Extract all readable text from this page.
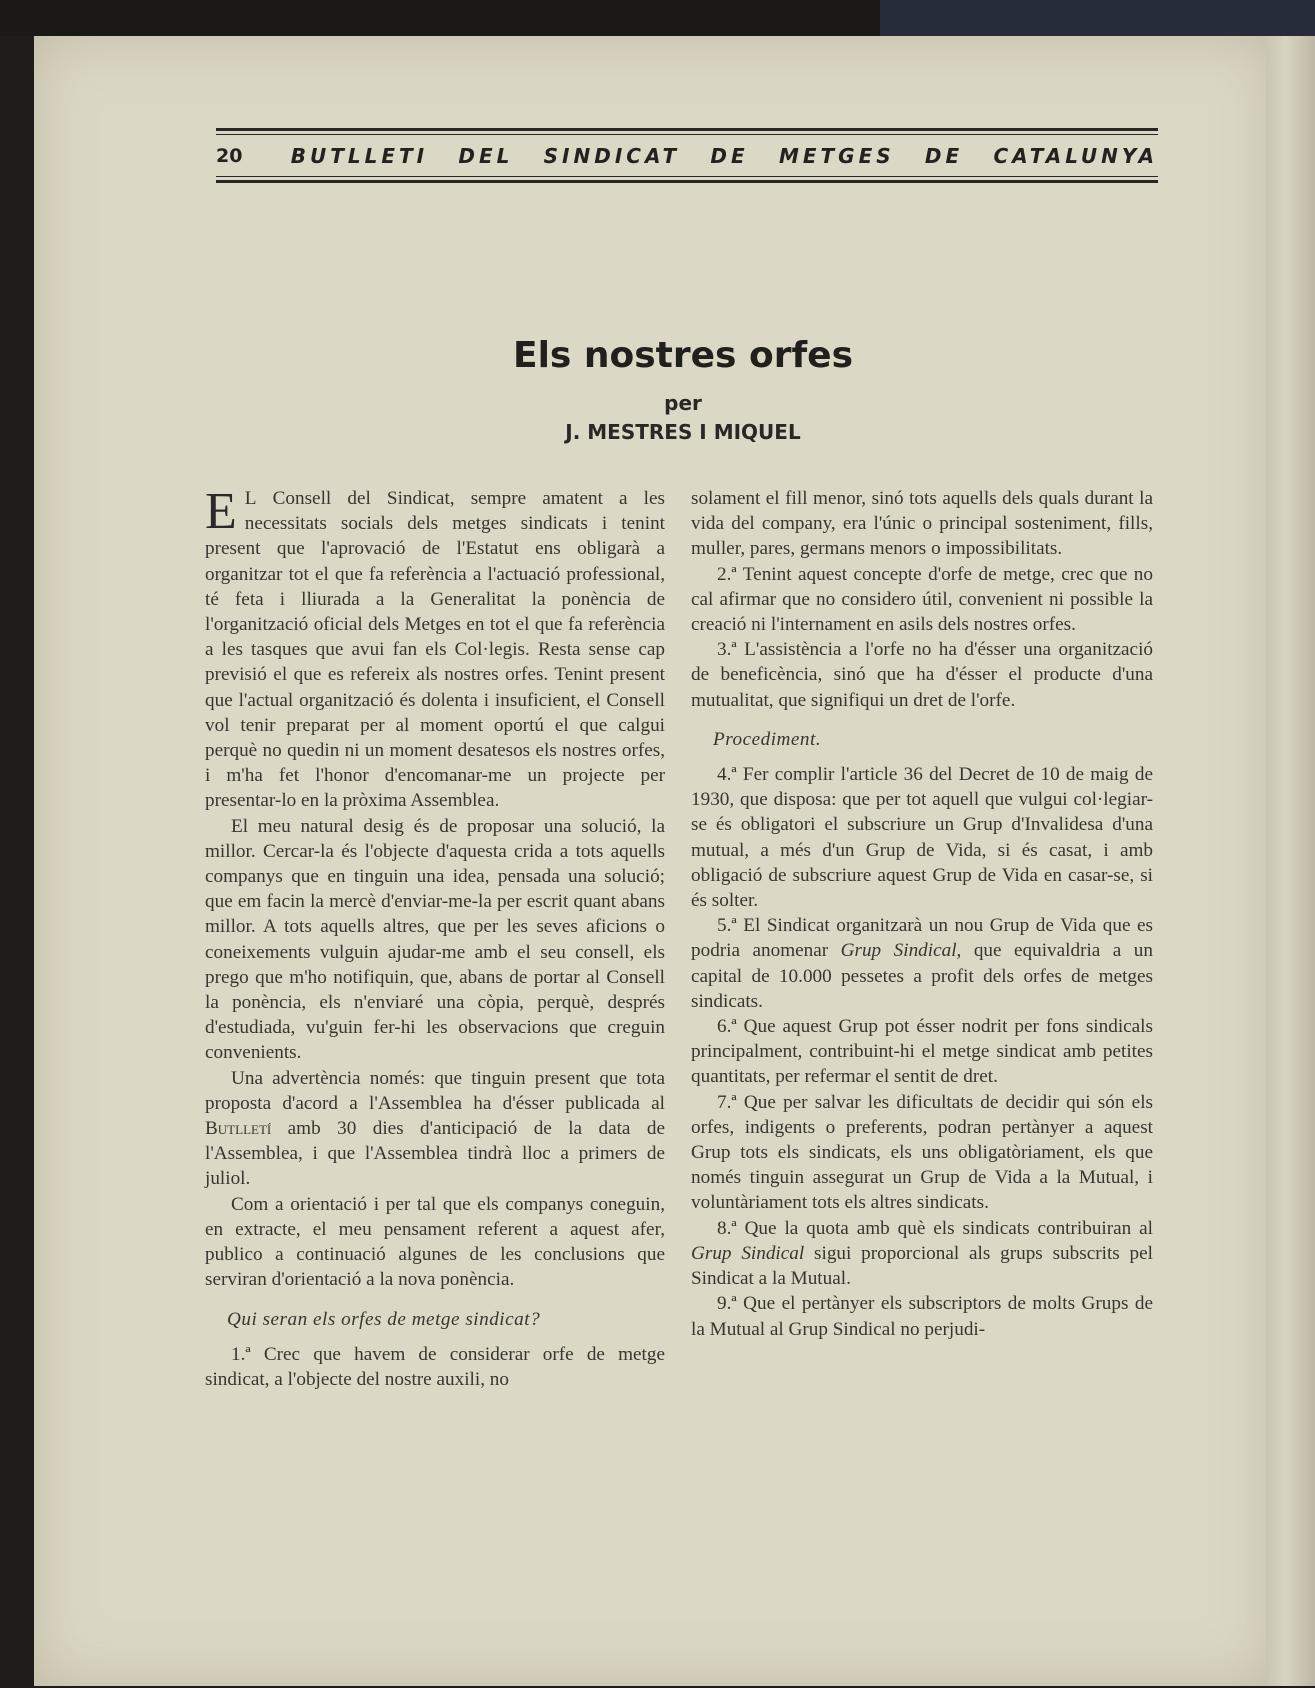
20 BUTLLETI DEL SINDICAT DE METGES DE CATALUNYA
Els nostres orfes
per
J. MESTRES I MIQUEL

E L Consell del Sindicat, sempre amatent a les necessitats socials dels metges sindicats i tenint present que l'aprovació de l'Estatut ens obligarà a organitzar tot el que fa referència a l'actuació professional, té feta i lliurada a la Generalitat la ponència de l'organització oficial dels Metges en tot el que fa referència a les tasques que avui fan els Col·legis. Resta sense cap previsió el que es refereix als nostres orfes. Tenint present que l'actual organització és dolenta i insuficient, el Consell vol tenir preparat per al moment oportú el que calgui perquè no quedin ni un moment desatesos els nostres orfes, i m'ha fet l'honor d'encomanar-me un projecte per presentar-lo en la pròxima Assemblea.

El meu natural desig és de proposar una solució, la millor. Cercar-la és l'objecte d'aquesta crida a tots aquells companys que en tinguin una idea, pensada una solució; que em facin la mercè d'enviar-me-la per escrit quant abans millor. A tots aquells altres, que per les seves aficions o coneixements vulguin ajudar-me amb el seu consell, els prego que m'ho notifiquin, que, abans de portar al Consell la ponència, els n'enviaré una còpia, perquè, després d'estudiada, vu'guin fer-hi les observacions que creguin convenients.

Una advertència només: que tinguin present que tota proposta d'acord a l'Assemblea ha d'ésser publicada al Butlletí amb 30 dies d'anticipació de la data de l'Assemblea, i que l'Assemblea tindrà lloc a primers de juliol.

Com a orientació i per tal que els companys coneguin, en extracte, el meu pensament referent a aquest afer, publico a continuació algunes de les conclusions que serviran d'orientació a la nova ponència.

Qui seran els orfes de metge sindicat?

1.ª Crec que havem de considerar orfe de metge sindicat, a l'objecte del nostre auxili, no

solament el fill menor, sinó tots aquells dels quals durant la vida del company, era l'únic o principal sosteniment, fills, muller, pares, germans menors o impossibilitats.

2.ª Tenint aquest concepte d'orfe de metge, crec que no cal afirmar que no considero útil, convenient ni possible la creació ni l'internament en asils dels nostres orfes.

3.ª L'assistència a l'orfe no ha d'ésser una organització de beneficència, sinó que ha d'ésser el producte d'una mutualitat, que signifiqui un dret de l'orfe.

Procediment.

4.ª Fer complir l'article 36 del Decret de 10 de maig de 1930, que disposa: que per tot aquell que vulgui col·legiar-se és obligatori el subscriure un Grup d'Invalidesa d'una mutual, a més d'un Grup de Vida, si és casat, i amb obligació de subscriure aquest Grup de Vida en casar-se, si és solter.

5.ª El Sindicat organitzarà un nou Grup de Vida que es podria anomenar Grup Sindical, que equivaldria a un capital de 10.000 pessetes a profit dels orfes de metges sindicats.

6.ª Que aquest Grup pot ésser nodrit per fons sindicals principalment, contribuint-hi el metge sindicat amb petites quantitats, per refermar el sentit de dret.

7.ª Que per salvar les dificultats de decidir qui són els orfes, indigents o preferents, podran pertànyer a aquest Grup tots els sindicats, els uns obligatòriament, els que només tinguin assegurat un Grup de Vida a la Mutual, i voluntàriament tots els altres sindicats.

8.ª Que la quota amb què els sindicats contribuiran al Grup Sindical sigui proporcional als grups subscrits pel Sindicat a la Mutual.

9.ª Que el pertànyer els subscriptors de molts Grups de la Mutual al Grup Sindical no perjudi-
